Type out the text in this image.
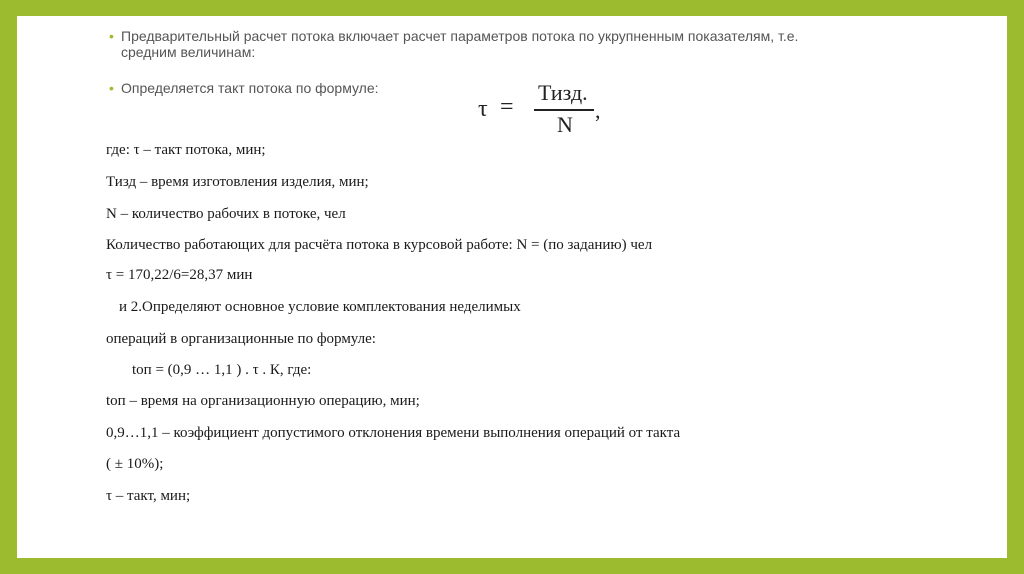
• Предварительный расчет потока включает расчет параметров потока по укрупненным показателям, т.е.
средним величинам:
• Определяется такт потока по формуле:
τ =
Тизд.
N
,
где: τ – такт потока, мин;
Тизд – время изготовления изделия, мин;
N – количество рабочих в потоке, чел
Количество работающих для расчёта потока в курсовой работе: N = (по заданию) чел
τ = 170,22/6=28,37 мин
и 2.Определяют основное условие комплектования неделимых
операций в организационные по формуле:
tоп = (0,9 … 1,1 ) . τ . К, где:
tоп – время на организационную операцию, мин;
0,9…1,1 – коэффициент допустимого отклонения времени выполнения операций от такта
( ± 10%);
τ – такт, мин;
